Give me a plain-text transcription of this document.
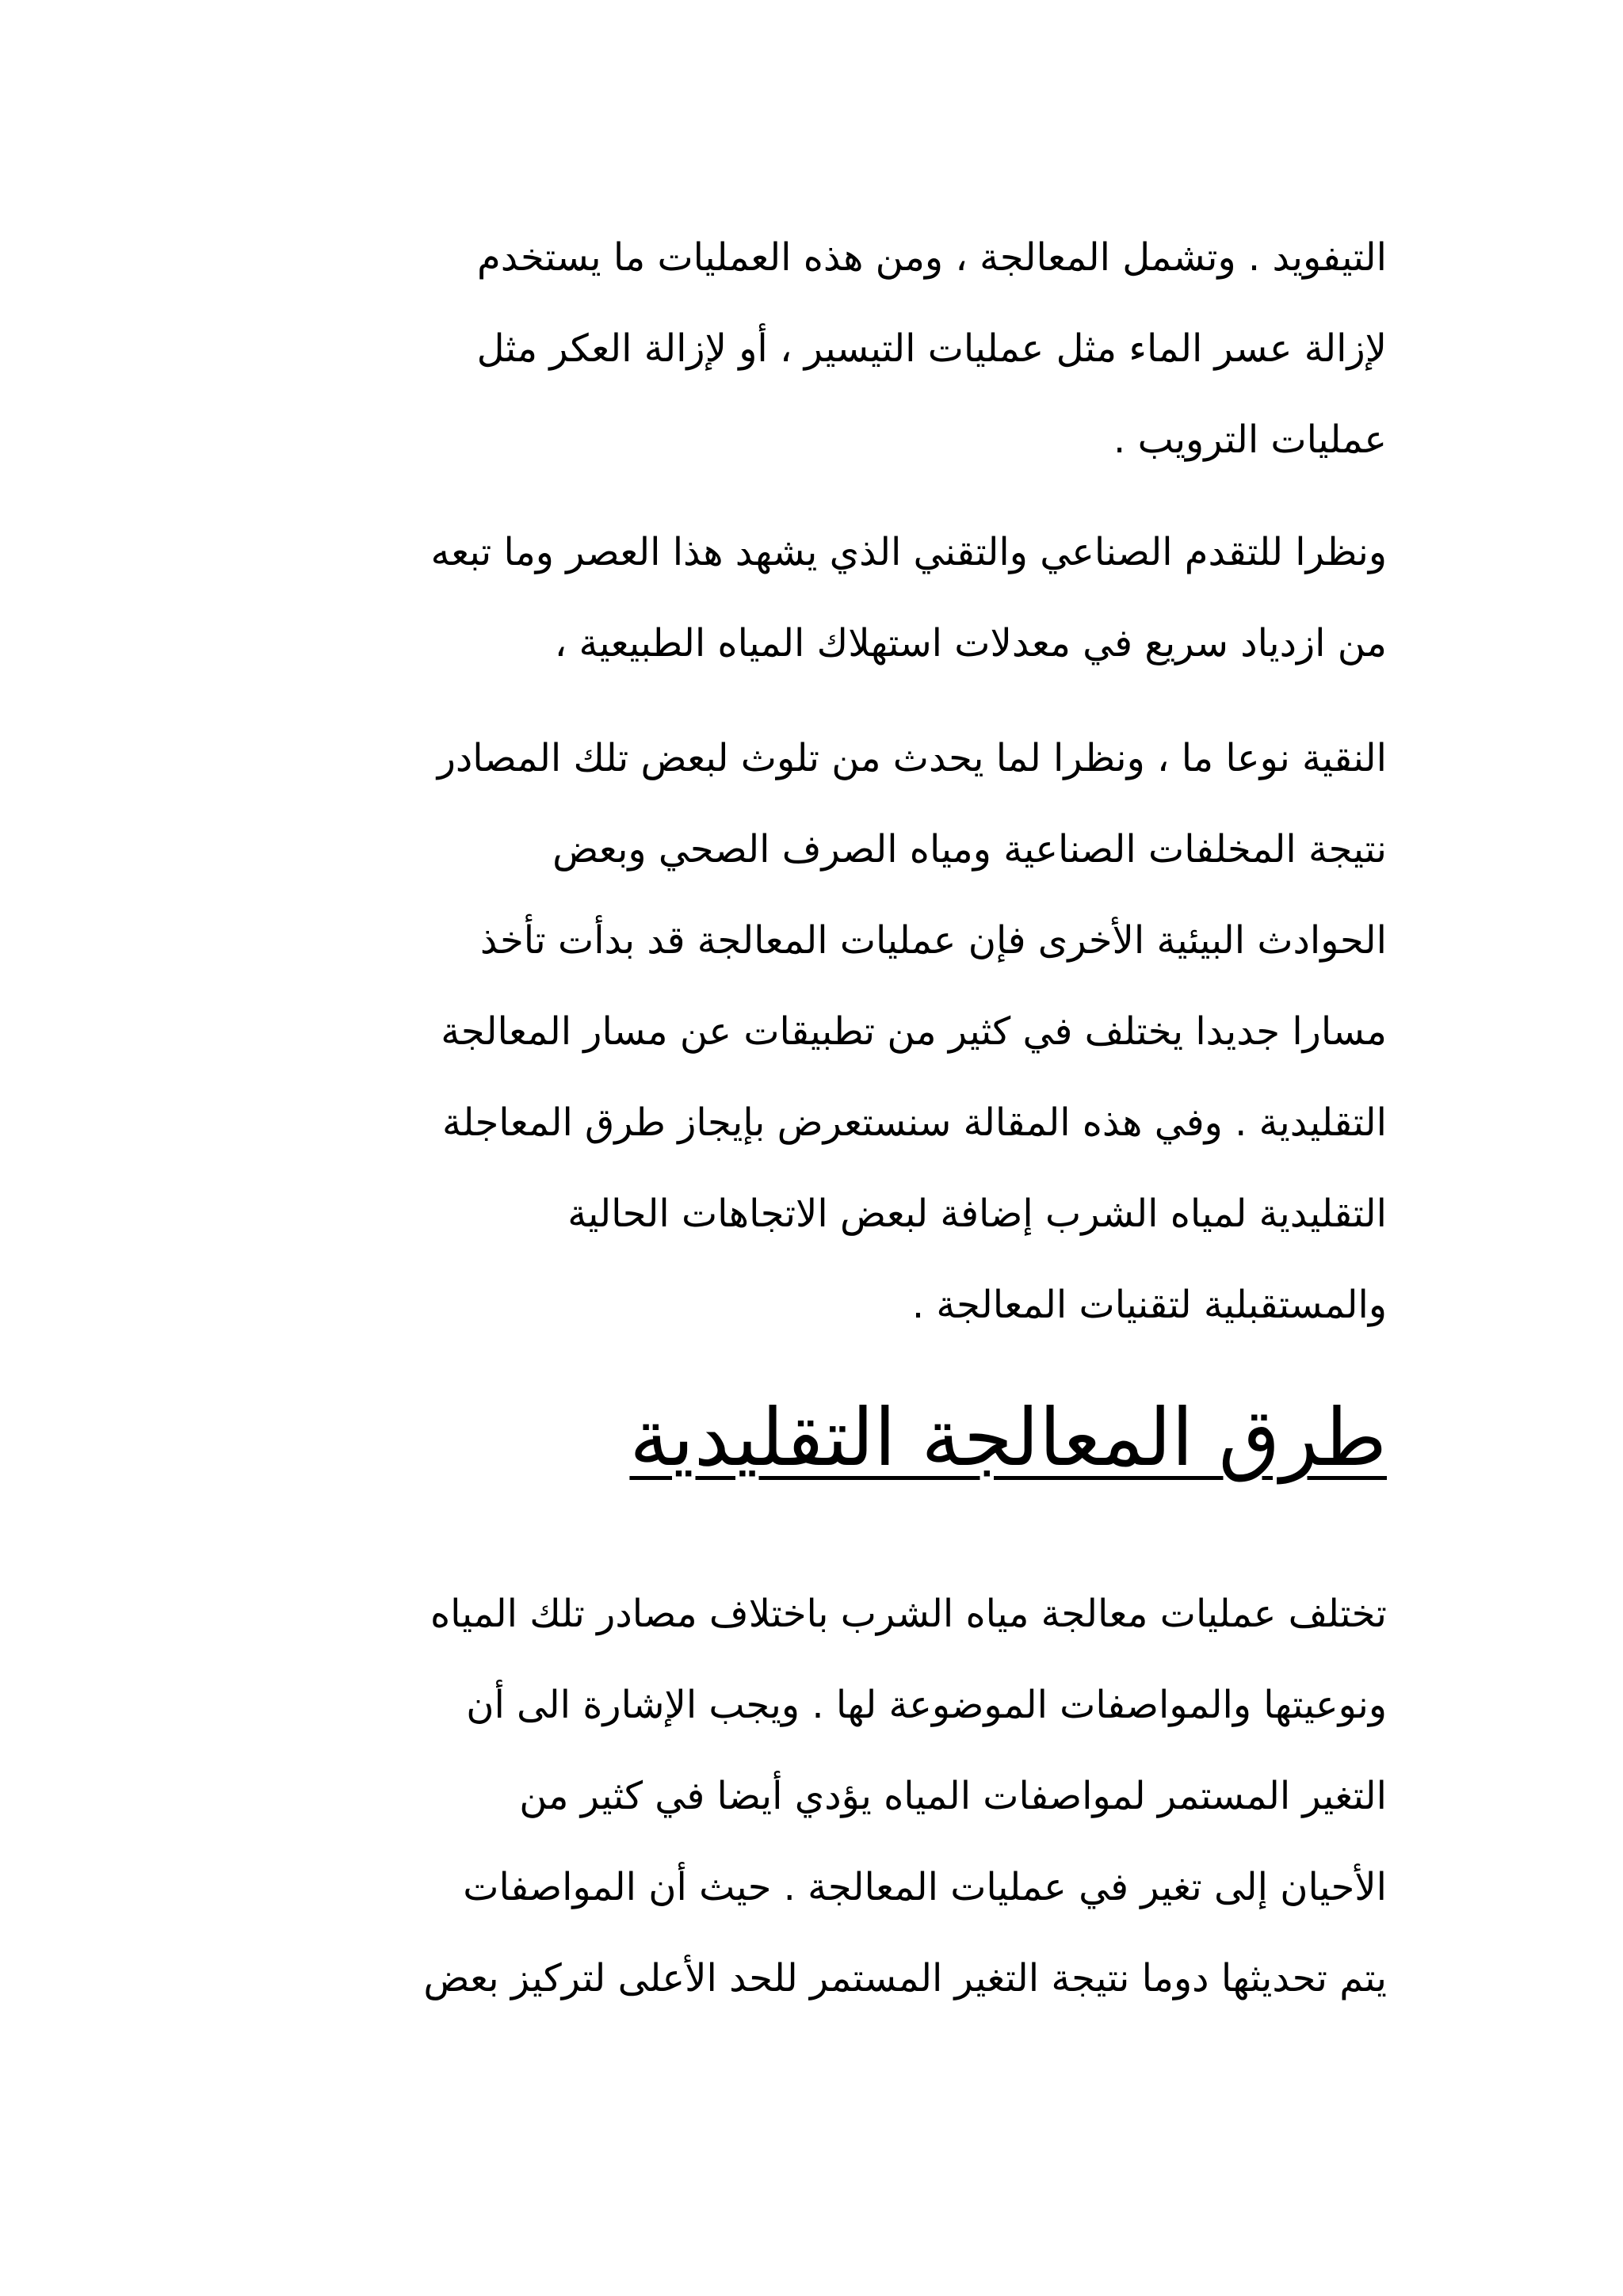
التيفويد . وتشمل المعالجة ، ومن هذه العمليات ما يستخدم
لإزالة عسر الماء مثل عمليات التيسير ، أو لإزالة العكر مثل
عمليات الترويب .
ونظرا للتقدم الصناعي والتقني الذي يشهد هذا العصر وما تبعه
من ازدياد سريع في معدلات استهلاك المياه الطبيعية ،
النقية نوعا ما ، ونظرا لما يحدث من تلوث لبعض تلك المصادر
نتيجة المخلفات الصناعية ومياه الصرف الصحي وبعض
الحوادث البيئية الأخرى فإن عمليات المعالجة قد بدأت تأخذ
مسارا جديدا يختلف في كثير من تطبيقات عن مسار المعالجة
التقليدية . وفي هذه المقالة سنستعرض بإيجاز طرق المعاجلة
التقليدية لمياه الشرب إضافة لبعض الاتجاهات الحالية
والمستقبلية لتقنيات المعالجة .
طرق المعالجة التقليدية
تختلف عمليات معالجة مياه الشرب باختلاف مصادر تلك المياه
ونوعيتها والمواصفات الموضوعة لها . ويجب الإشارة الى أن
التغير المستمر لمواصفات المياه يؤدي أيضا في كثير من
الأحيان إلى تغير في عمليات المعالجة . حيث أن المواصفات
يتم تحديثها دوما نتيجة التغير المستمر للحد الأعلى لتركيز بعض
